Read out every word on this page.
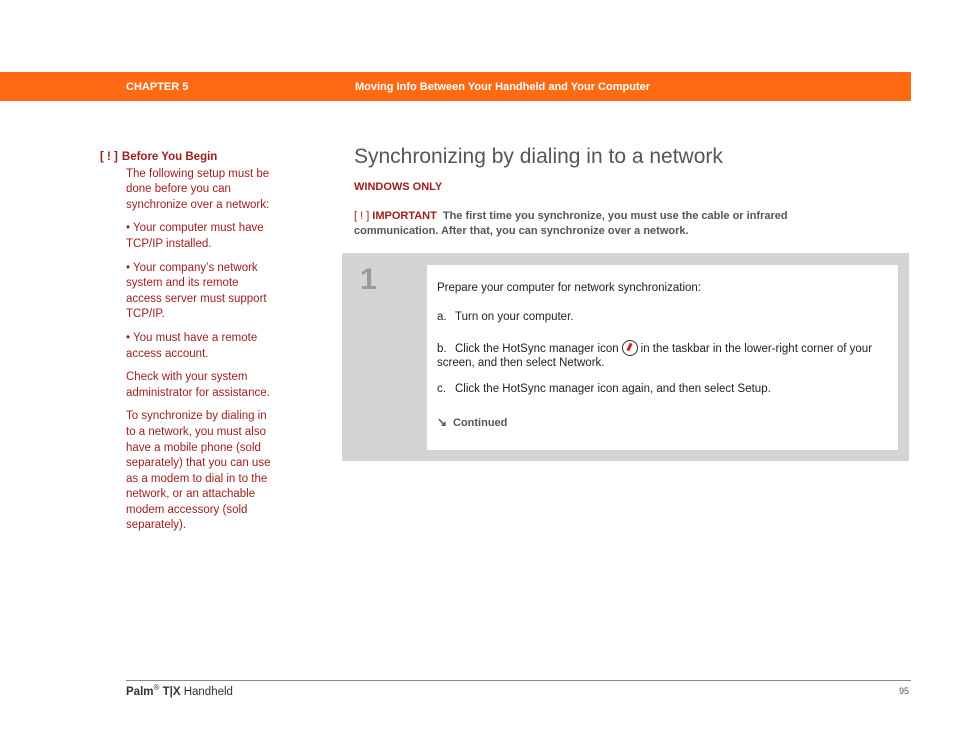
CHAPTER 5	Moving Info Between Your Handheld and Your Computer
[ ! ] Before You Begin

The following setup must be done before you can synchronize over a network:

• Your computer must have TCP/IP installed.

• Your company’s network system and its remote access server must support TCP/IP.

• You must have a remote access account.

Check with your system administrator for assistance.

To synchronize by dialing in to a network, you must also have a mobile phone (sold separately) that you can use as a modem to dial in to the network, or an attachable modem accessory (sold separately).

Synchronizing by dialing in to a network
WINDOWS ONLY
[ ! ] IMPORTANT The first time you synchronize, you must use the cable or infrared communication. After that, you can synchronize over a network.
1	Prepare your computer for network synchronization:
a. Turn on your computer.
b. Click the HotSync manager icon in the taskbar in the lower-right corner of your screen, and then select Network.
c. Click the HotSync manager icon again, and then select Setup.
↘ Continued
Palm® T|X Handheld	95
